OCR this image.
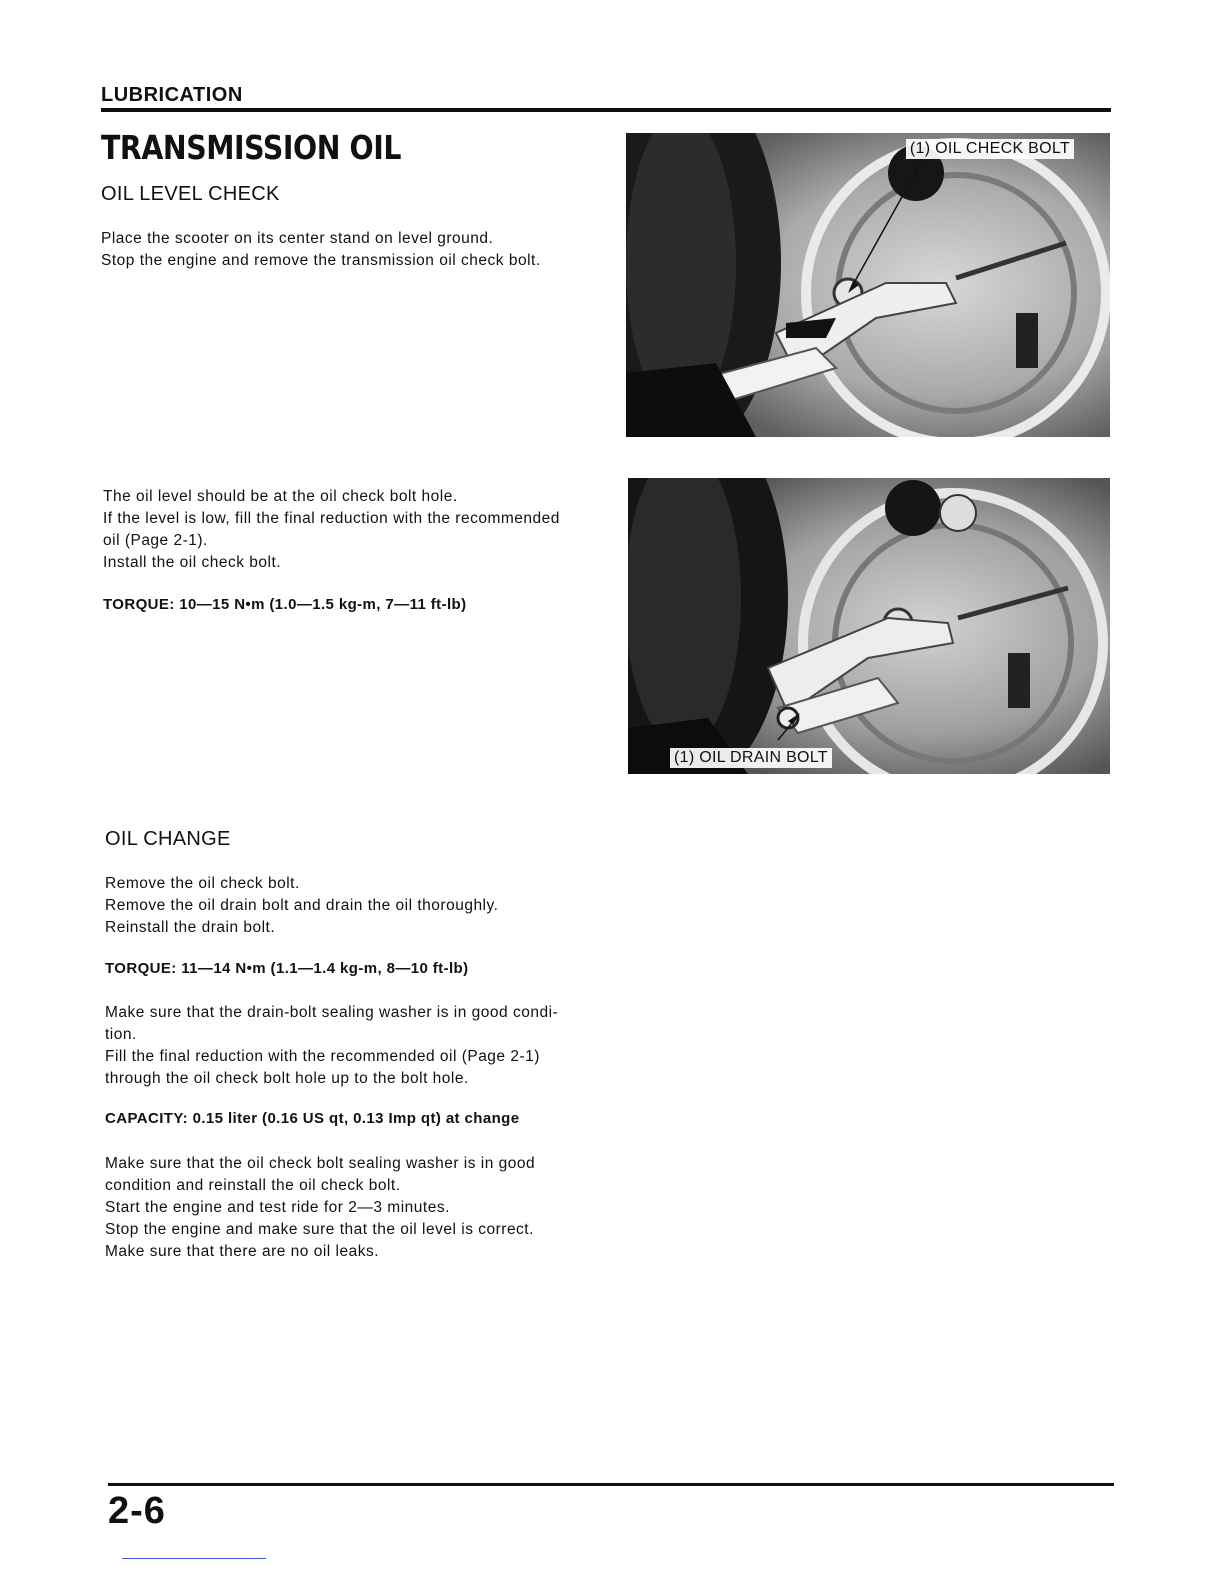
LUBRICATION
TRANSMISSION OIL
OIL LEVEL CHECK

Place the scooter on its center stand on level ground.

Stop the engine and remove the transmission oil check bolt.

The oil level should be at the oil check bolt hole.

If the level is low, fill the final reduction with the recommended

oil (Page 2-1).

Install the oil check bolt.

TORQUE: 10—15 N•m (1.0—1.5 kg-m, 7—11 ft-lb)
(1) OIL CHECK BOLT
(1) OIL DRAIN BOLT
OIL CHANGE

Remove the oil check bolt.

Remove the oil drain bolt and drain the oil thoroughly.

Reinstall the drain bolt.

TORQUE: 11—14 N•m (1.1—1.4 kg-m, 8—10 ft-lb)

Make sure that the drain-bolt sealing washer is in good condi-

tion.

Fill the final reduction with the recommended oil (Page 2-1)

through the oil check bolt hole up to the bolt hole.

CAPACITY: 0.15 liter (0.16 US qt, 0.13 Imp qt) at change

Make sure that the oil check bolt sealing washer is in good

condition and reinstall the oil check bolt.

Start the engine and test ride for 2—3 minutes.

Stop the engine and make sure that the oil level is correct.

Make sure that there are no oil leaks.

2-6
